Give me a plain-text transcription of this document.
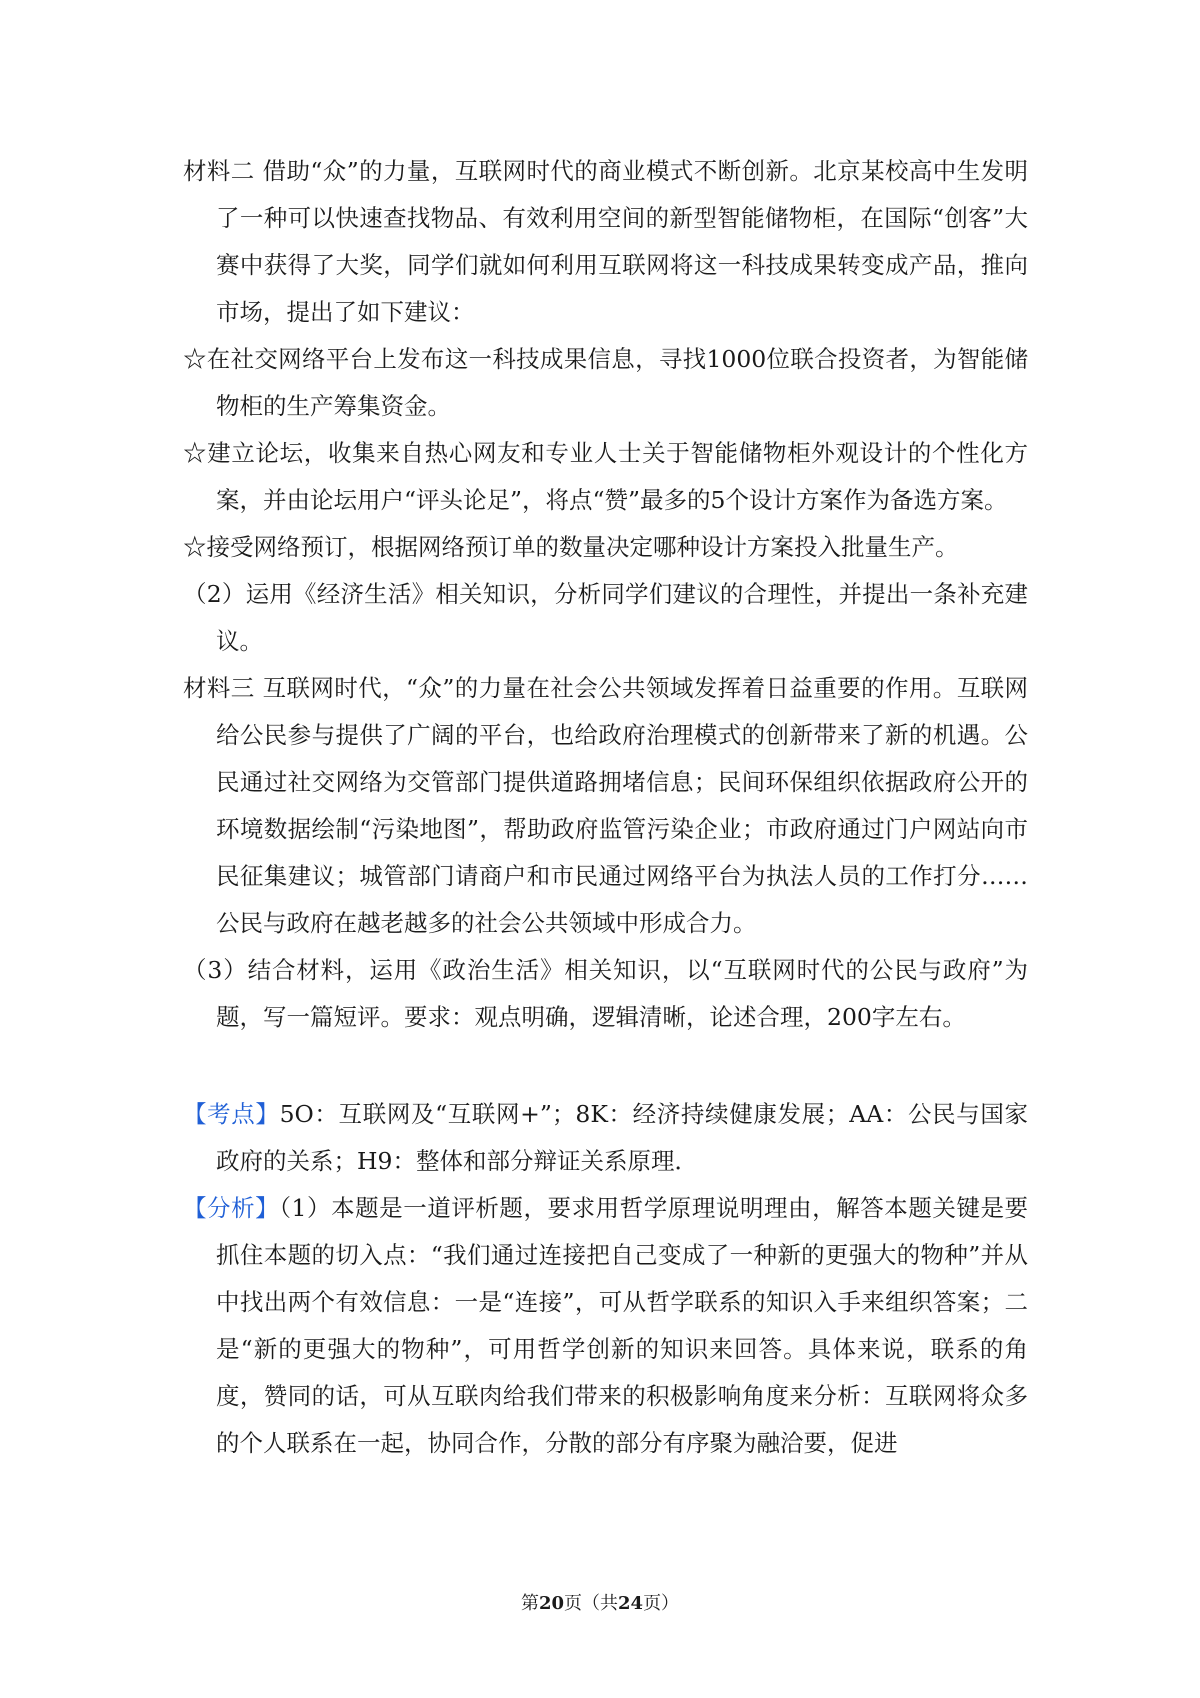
材料二 借助“众”的力量，互联网时代的商业模式不断创新。北京某校高中生发明了一种可以快速查找物品、有效利用空间的新型智能储物柜，在国际“创客”大赛中获得了大奖，同学们就如何利用互联网将这一科技成果转变成产品，推向市场，提出了如下建议：

☆在社交网络平台上发布这一科技成果信息，寻找1000位联合投资者，为智能储物柜的生产筹集资金。

☆建立论坛，收集来自热心网友和专业人士关于智能储物柜外观设计的个性化方案，并由论坛用户“评头论足”，将点“赞”最多的5个设计方案作为备选方案。

☆接受网络预订，根据网络预订单的数量决定哪种设计方案投入批量生产。

（2）运用《经济生活》相关知识，分析同学们建议的合理性，并提出一条补充建议。

材料三 互联网时代，“众”的力量在社会公共领域发挥着日益重要的作用。互联网给公民参与提供了广阔的平台，也给政府治理模式的创新带来了新的机遇。公民通过社交网络为交管部门提供道路拥堵信息；民间环保组织依据政府公开的环境数据绘制“污染地图”，帮助政府监管污染企业；市政府通过门户网站向市民征集建议；城管部门请商户和市民通过网络平台为执法人员的工作打分……公民与政府在越老越多的社会公共领域中形成合力。

（3）结合材料，运用《政治生活》相关知识，以“互联网时代的公民与政府”为题，写一篇短评。要求：观点明确，逻辑清晰，论述合理，200字左右。

【考点】5O：互联网及“互联网+”；8K：经济持续健康发展；AA：公民与国家政府的关系；H9：整体和部分辩证关系原理．

【分析】（1）本题是一道评析题，要求用哲学原理说明理由，解答本题关键是要抓住本题的切入点：“我们通过连接把自己变成了一种新的更强大的物种”并从中找出两个有效信息：一是“连接”，可从哲学联系的知识入手来组织答案；二是“新的更强大的物种”，可用哲学创新的知识来回答。具体来说，联系的角度，赞同的话，可从互联肉给我们带来的积极影响角度来分析：互联网将众多的个人联系在一起，协同合作，分散的部分有序聚为融洽要，促进

第20页（共24页）
